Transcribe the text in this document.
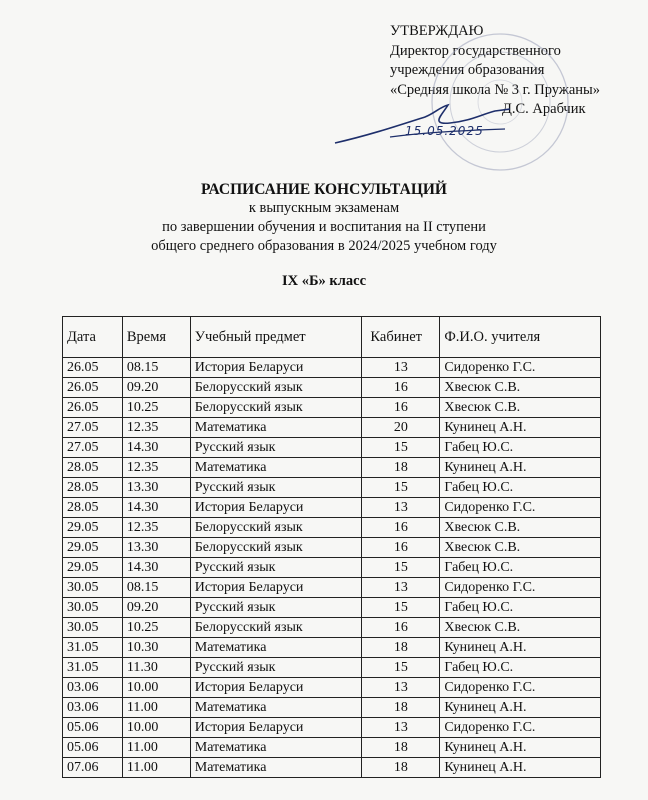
УТВЕРЖДАЮ
Директор государственного
учреждения образования
«Средняя школа № 3 г. Пружаны»
Д.С. Арабчик
15.05.2025
РАСПИСАНИЕ КОНСУЛЬТАЦИЙ
к выпускным экзаменам
по завершении обучения и воспитания на II ступени
общего среднего образования в 2024/2025 учебном году
IX «Б» класс
Дата	Время	Учебный предмет	Кабинет	Ф.И.О. учителя
26.05	08.15	История Беларуси	13	Сидоренко Г.С.
26.05	09.20	Белорусский язык	16	Хвесюк С.В.
26.05	10.25	Белорусский язык	16	Хвесюк С.В.
27.05	12.35	Математика	20	Кунинец А.Н.
27.05	14.30	Русский язык	15	Габец Ю.С.
28.05	12.35	Математика	18	Кунинец А.Н.
28.05	13.30	Русский язык	15	Габец Ю.С.
28.05	14.30	История Беларуси	13	Сидоренко Г.С.
29.05	12.35	Белорусский язык	16	Хвесюк С.В.
29.05	13.30	Белорусский язык	16	Хвесюк С.В.
29.05	14.30	Русский язык	15	Габец Ю.С.
30.05	08.15	История Беларуси	13	Сидоренко Г.С.
30.05	09.20	Русский язык	15	Габец Ю.С.
30.05	10.25	Белорусский язык	16	Хвесюк С.В.
31.05	10.30	Математика	18	Кунинец А.Н.
31.05	11.30	Русский язык	15	Габец Ю.С.
03.06	10.00	История Беларуси	13	Сидоренко Г.С.
03.06	11.00	Математика	18	Кунинец А.Н.
05.06	10.00	История Беларуси	13	Сидоренко Г.С.
05.06	11.00	Математика	18	Кунинец А.Н.
07.06	11.00	Математика	18	Кунинец А.Н.
